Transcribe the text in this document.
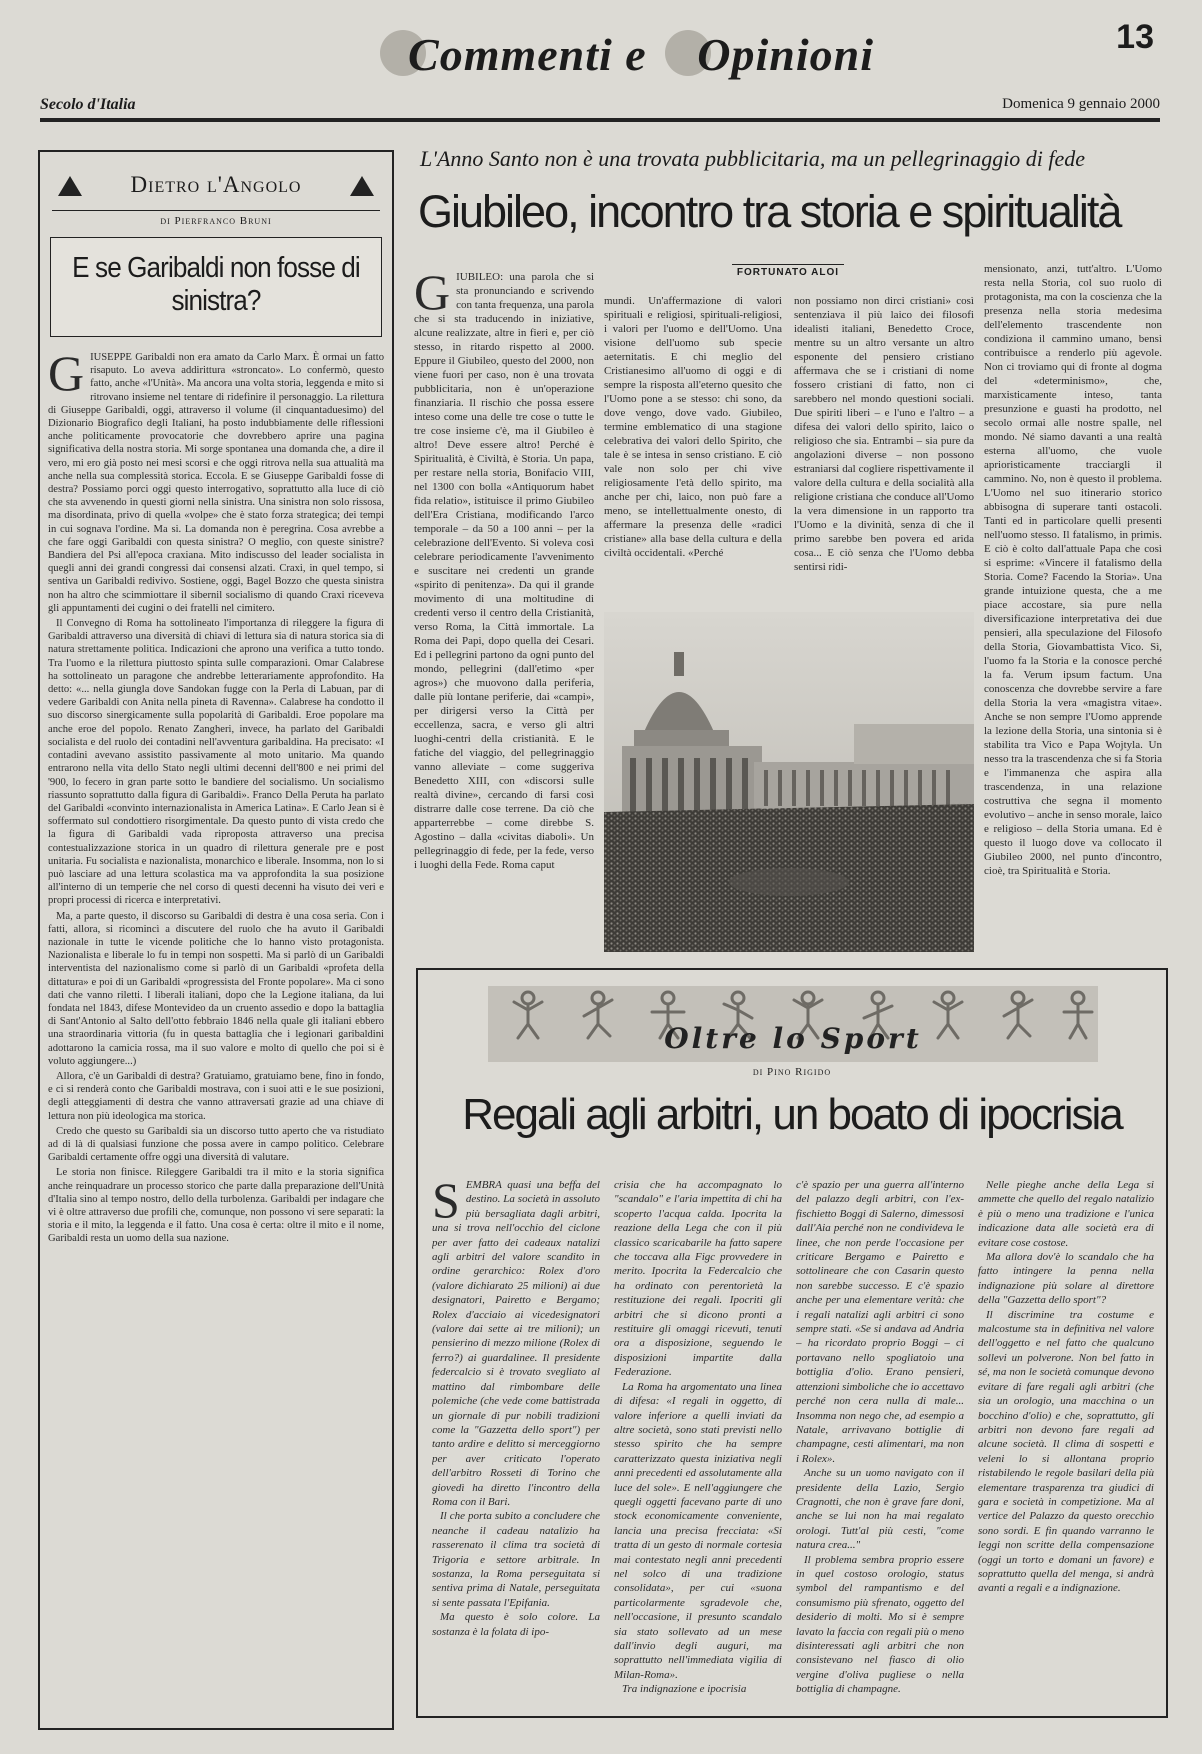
Commenti e Opinioni	13
Secolo d'Italia	Domenica 9 gennaio 2000
Dietro l'Angolo
di Pierfranco Bruni
E se Garibaldi non fosse di sinistra?
G IUSEPPE Garibaldi non era amato da Carlo Marx. È ormai un fatto risaputo. Lo aveva addirittura «stroncato». Lo confermò, questo fatto, anche «l'Unità». Ma ancora una volta storia, leggenda e mito si ritrovano insieme nel tentare di ridefinire il personaggio. La rilettura di Giuseppe Garibaldi, oggi, attraverso il volume (il cinquantaduesimo) del Dizionario Biografico degli Italiani, ha posto indubbiamente delle riflessioni anche politicamente provocatorie che dovrebbero aprire una pagina significativa della nostra storia. Mi sorge spontanea una domanda che, a dire il vero, mi ero già posto nei mesi scorsi e che oggi ritrova nella sua attualità ma anche nella sua complessità storica. Eccola. E se Giuseppe Garibaldi fosse di destra? Possiamo porci oggi questo interrogativo, soprattutto alla luce di ciò che sta avvenendo in questi giorni nella sinistra. Una sinistra non solo rissosa, ma disordinata, privo di quella «volpe» che è stato forza strategica; dei tempi in cui sognava l'ordine. Ma si. La domanda non è peregrina. Cosa avrebbe a che fare oggi Garibaldi con questa sinistra? O meglio, con queste sinistre? Bandiera del Psi all'epoca craxiana. Mito indiscusso del leader socialista in quegli anni dei grandi congressi dai consensi alzati. Craxi, in quel tempo, si sentiva un Garibaldi redivivo. Sostiene, oggi, Bagel Bozzo che questa sinistra non ha altro che scimmiottare il sibernil socialismo di quando Craxi riceveva gli appuntamenti dei cugini o dei fratelli nel cimitero.

Il Convegno di Roma ha sottolineato l'importanza di rileggere la figura di Garibaldi attraverso una diversità di chiavi di lettura sia di natura storica sia di natura strettamente politica. Indicazioni che aprono una verifica a tutto tondo. Tra l'uomo e la rilettura piuttosto spinta sulle comparazioni. Omar Calabrese ha sottolineato un paragone che andrebbe letterariamente approfondito. Ha detto: «... nella giungla dove Sandokan fugge con la Perla di Labuan, par di vedere Garibaldi con Anita nella pineta di Ravenna». Calabrese ha condotto il suo discorso sinergicamente sulla popolarità di Garibaldi. Eroe popolare ma anche eroe del popolo. Renato Zangheri, invece, ha parlato del Garibaldi socialista e del ruolo dei contadini nell'avventura garibaldina. Ha precisato: «I contadini avevano assistito passivamente al moto unitario. Ma quando entrarono nella vita dello Stato negli ultimi decenni dell'800 e nei primi del '900, lo fecero in gran parte sotto le bandiere del socialismo. Un socialismo riassunto soprattutto dalla figura di Garibaldi». Franco Della Peruta ha parlato del Garibaldi «convinto internazionalista in America Latina». E Carlo Jean si è soffermato sul condottiero risorgimentale. Da questo punto di vista credo che la figura di Garibaldi vada riproposta attraverso una precisa contestualizzazione storica in un quadro di rilettura generale pre e post unitaria. Fu socialista e nazionalista, monarchico e liberale. Insomma, non lo si può lasciare ad una lettura scolastica ma va approfondita la sua posizione all'interno di un temperie che nel corso di questi decenni ha visuto dei veri e propri processi di ricerca e interpretativi.

Ma, a parte questo, il discorso su Garibaldi di destra è una cosa seria. Con i fatti, allora, si ricomincì a discutere del ruolo che ha avuto il Garibaldi nazionale in tutte le vicende politiche che lo hanno visto protagonista. Nazionalista e liberale lo fu in tempi non sospetti. Ma si parlò di un Garibaldi interventista del nazionalismo come si parlò di un Garibaldi «profeta della dittatura» e poi di un Garibaldi «progressista del Fronte popolare». Ma ci sono dati che vanno riletti. I liberali italiani, dopo che la Legione italiana, da lui fondata nel 1843, difese Montevideo da un cruento assedio e dopo la battaglia di Sant'Antonio al Salto dell'otto febbraio 1846 nella quale gli italiani ebbero una straordinaria vittoria (fu in questa battaglia che i legionari garibaldini adottarono la camicia rossa, ma il suo valore e molto di quello che poi si è voluto aggiungere...)

Allora, c'è un Garibaldi di destra? Gratuiamo, gratuiamo bene, fino in fondo, e ci si renderà conto che Garibaldi mostrava, con i suoi atti e le sue posizioni, degli atteggiamenti di destra che vanno attraversati grazie ad una chiave di lettura non più ideologica ma storica.

Credo che questo su Garibaldi sia un discorso tutto aperto che va ristudiato ad di là di qualsiasi funzione che possa avere in campo politico. Celebrare Garibaldi certamente offre oggi una diversità di valutare.

Le storia non finisce. Rileggere Garibaldi tra il mito e la storia significa anche reinquadrare un processo storico che parte dalla preparazione dell'Unità d'Italia sino al tempo nostro, dello della turbolenza. Garibaldi per indagare che vi è oltre attraverso due profili che, comunque, non possono vi sere separati: la storia e il mito, la leggenda e il fatto. Una cosa è certa: oltre il mito e il nome, Garibaldi resta un uomo della sua nazione.

L'Anno Santo non è una trovata pubblicitaria, ma un pellegrinaggio di fede
Giubileo, incontro tra storia e spiritualità
FORTUNATO ALOI
G IUBILEO: una parola che si sta pronunciando e scrivendo con tanta frequenza, una parola che si sta traducendo in iniziative, alcune realizzate, altre in fieri e, per ciò stesso, in ritardo rispetto al 2000. Eppure il Giubileo, questo del 2000, non viene fuori per caso, non è una trovata pubblicitaria, non è un'operazione finanziaria. Il rischio che possa essere inteso come una delle tre cose o tutte le tre cose insieme c'è, ma il Giubileo è altro! Deve essere altro! Perché è Spiritualità, è Civiltà, è Storia. Un papa, per restare nella storia, Bonifacio VIII, nel 1300 con bolla «Antiquorum habet fida relatio», istituisce il primo Giubileo dell'Era Cristiana, modificando l'arco temporale – da 50 a 100 anni – per la celebrazione dell'Evento. Si voleva così celebrare periodicamente l'avvenimento e suscitare nei credenti un grande «spirito di penitenza». Da qui il grande movimento di una moltitudine di credenti verso il centro della Cristianità, verso Roma, la Città immortale. La Roma dei Papi, dopo quella dei Cesari. Ed i pellegrini partono da ogni punto del mondo, pellegrini (dall'etimo «per agros») che muovono dalla periferia, dalle più lontane periferie, dai «campi», per dirigersi verso la Città per eccellenza, sacra, e verso gli altri luoghi-centri della cristianità. E le fatiche del viaggio, del pellegrinaggio vanno alleviate – come suggeriva Benedetto XIII, con «discorsi sulle realtà divine», cercando di farsi così distrarre dalle cose terrene. Da ciò che apparterrebbe – come direbbe S. Agostino – dalla «civitas diaboli». Un pellegrinaggio di fede, per la fede, verso i luoghi della Fede. Roma caput
mundi. Un'affermazione di valori spirituali e religiosi, spirituali-religiosi, i valori per l'uomo e dell'Uomo. Una visione dell'uomo sub specie aeternitatis. E chi meglio del Cristianesimo all'uomo di oggi e di sempre la risposta all'eterno quesito che l'Uomo pone a se stesso: chi sono, da dove vengo, dove vado. Giubileo, termine emblematico di una stagione celebrativa dei valori dello Spirito, che tale è se intesa in senso cristiano. E ciò vale non solo per chi vive religiosamente l'età dello spirito, ma anche per chi, laico, non può fare a meno, se intellettualmente onesto, di affermare la presenza delle «radici cristiane» alla base della cultura e della civiltà occidentali. «Perché
non possiamo non dirci cristiani» così sentenziava il più laico dei filosofi idealisti italiani, Benedetto Croce, mentre su un altro versante un altro esponente del pensiero cristiano affermava che se i cristiani di nome fossero cristiani di fatto, non ci sarebbero nel mondo questioni sociali. Due spiriti liberi – e l'uno e l'altro – a difesa dei valori dello spirito, laico o religioso che sia. Entrambi – sia pure da angolazioni diverse – non possono estraniarsi dal cogliere rispettivamente il valore della cultura e della socialità alla religione cristiana che conduce all'Uomo la vera dimensione in un rapporto tra l'Uomo e la divinità, senza di che il primo sarebbe ben povera ed arida cosa... E ciò senza che l'Uomo debba sentirsi ridi-
mensionato, anzi, tutt'altro. L'Uomo resta nella Storia, col suo ruolo di protagonista, ma con la coscienza che la presenza nella storia medesima dell'elemento trascendente non condiziona il cammino umano, bensì contribuisce a renderlo più agevole. Non ci troviamo qui di fronte al dogma del «determinismo», che, marxisticamente inteso, tanta presunzione e guasti ha prodotto, nel secolo ormai alle nostre spalle, nel mondo. Né siamo davanti a una realtà esterna all'uomo, che vuole aprioristicamente tracciargli il cammino. No, non è questo il problema. L'Uomo nel suo itinerario storico abbisogna di superare tanti ostacoli. Tanti ed in particolare quelli presenti nell'uomo stesso. Il fatalismo, in primis. E ciò è colto dall'attuale Papa che così si esprime: «Vincere il fatalismo della Storia. Come? Facendo la Storia». Una grande intuizione questa, che a me piace accostare, sia pure nella diversificazione interpretativa dei due pensieri, alla speculazione del Filosofo della Storia, Giovambattista Vico. Sì, l'uomo fa la Storia e la conosce perché la fa. Verum ipsum factum. Una conoscenza che dovrebbe servire a fare della Storia la vera «magistra vitae». Anche se non sempre l'Uomo apprende la lezione della Storia, una sintonia si è stabilita tra Vico e Papa Wojtyla. Un nesso tra la trascendenza che si fa Storia e l'immanenza che aspira alla trascendenza, in una relazione costruttiva che segna il momento evolutivo – anche in senso morale, laico e religioso – della Storia umana. Ed è questo il luogo dove va collocato il Giubileo 2000, nel punto d'incontro, cioè, tra Spiritualità e Storia.
Oltre lo Sport
di Pino Rigido
Regali agli arbitri, un boato di ipocrisia
S EMBRA quasi una beffa del destino. La società in assoluto più bersagliata dagli arbitri, una si trova nell'occhio del ciclone per aver fatto dei cadeaux natalizi agli arbitri del valore scandito in ordine gerarchico: Rolex d'oro (valore dichiarato 25 milioni) ai due designatori, Pairetto e Bergamo; Rolex d'acciaio ai vicedesignatori (valore dai sette ai tre milioni); un pensierino di mezzo milione (Rolex di ferro?) ai guardalinee. Il presidente federcalcio si è trovato svegliato al mattino dal rimbombare delle polemiche (che vede come battistrada un giornale di pur nobili tradizioni come la "Gazzetta dello sport") per tanto ardire e delitto si merceggiorno per aver criticato l'operato dell'arbitro Rosseti di Torino che giovedì ha diretto l'incontro della Roma con il Bari.

Il che porta subito a concludere che neanche il cadeau natalizio ha rasserenato il clima tra società di Trigoria e settore arbitrale. In sostanza, la Roma perseguitata si sentiva prima di Natale, perseguitata si sente passata l'Epifania.

Ma questo è solo colore. La sostanza è la folata di ipo-

crisia che ha accompagnato lo "scandalo" e l'aria impettita di chi ha scoperto l'acqua calda. Ipocrita la reazione della Lega che con il più classico scaricabarile ha fatto sapere che toccava alla Figc provvedere in merito. Ipocrita la Federcalcio che ha ordinato con perentorietà la restituzione dei regali. Ipocriti gli arbitri che si dicono pronti a restituire gli omaggi ricevuti, tenuti ora a disposizione, seguendo le disposizioni impartite dalla Federazione.

La Roma ha argomentato una linea di difesa: «I regali in oggetto, di valore inferiore a quelli inviati da altre società, sono stati previsti nello stesso spirito che ha sempre caratterizzato questa iniziativa negli anni precedenti ed assolutamente alla luce del sole». E nell'aggiungere che quegli oggetti facevano parte di uno stock economicamente conveniente, lancia una precisa frecciata: «Si tratta di un gesto di normale cortesia mai contestato negli anni precedenti nel solco di una tradizione consolidata», per cui «suona particolarmente sgradevole che, nell'occasione, il presunto scandalo sia stato sollevato ad un mese dall'invio degli auguri, ma soprattutto nell'immediata vigilia di Milan-Roma».

Tra indignazione e ipocrisia

c'è spazio per una guerra all'interno del palazzo degli arbitri, con l'ex-fischietto Boggi di Salerno, dimessosi dall'Aia perché non ne condivideva le linee, che non perde l'occasione per criticare Bergamo e Pairetto e sottolineare che con Casarin questo non sarebbe successo. E c'è spazio anche per una elementare verità: che i regali natalizi agli arbitri ci sono sempre stati. «Se si andava ad Andria – ha ricordato proprio Boggi – ci portavano nello spogliatoio una bottiglia d'olio. Erano pensieri, attenzioni simboliche che io accettavo perché non cera nulla di male... Insomma non nego che, ad esempio a Natale, arrivavano bottiglie di champagne, cesti alimentari, ma non i Rolex».

Anche su un uomo navigato con il presidente della Lazio, Sergio Cragnotti, che non è grave fare doni, anche se lui non ha mai regalato orologi. Tutt'al più cesti, "come natura crea..."

Il problema sembra proprio essere in quel costoso orologio, status symbol del rampantismo e del consumismo più sfrenato, oggetto del desiderio di molti. Mo si è sempre lavato la faccia con regali più o meno disinteressati agli arbitri che non consistevano nel fiasco di olio vergine d'oliva pugliese o nella bottiglia di champagne.

Nelle pieghe anche della Lega si ammette che quello del regalo natalizio è più o meno una tradizione e l'unica indicazione data alle società era di evitare cose costose.

Ma allora dov'è lo scandalo che ha fatto intingere la penna nella indignazione più solare al direttore della "Gazzetta dello sport"?

Il discrimine tra costume e malcostume sta in definitiva nel valore dell'oggetto e nel fatto che qualcuno sollevi un polverone. Non bel fatto in sé, ma non le società comunque devono evitare di fare regali agli arbitri (che sia un orologio, una macchina o un bocchino d'olio) e che, soprattutto, gli arbitri non devono fare regali ad alcune società. Il clima di sospetti e veleni lo si allontana proprio ristabilendo le regole basilari della più elementare trasparenza tra giudici di gara e società in competizione. Ma al vertice del Palazzo da questo orecchio sono sordi. E fin quando varranno le leggi non scritte della compensazione (oggi un torto e domani un favore) e soprattutto quella del menga, si andrà avanti a regali e a indignazione.
